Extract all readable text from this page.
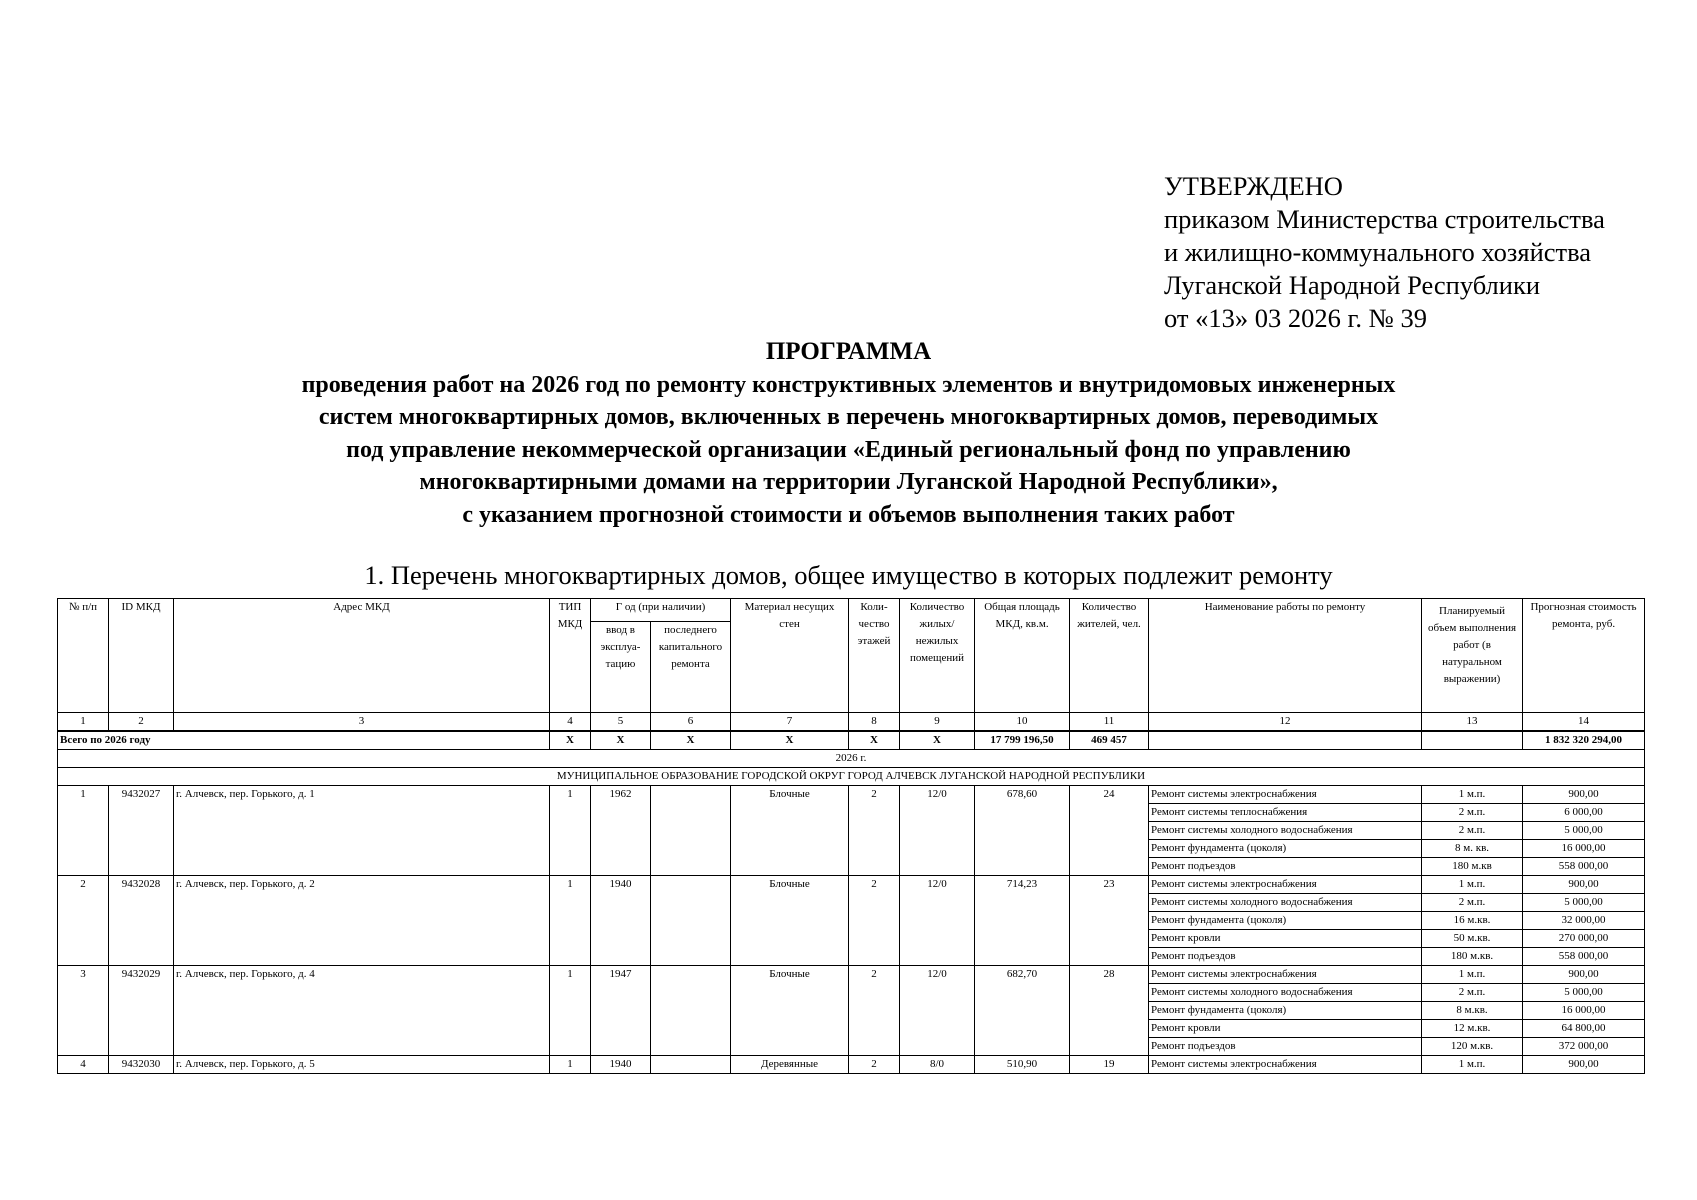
УТВЕРЖДЕНО
приказом Министерства строительства
и жилищно-коммунального хозяйства
Луганской Народной Республики
от «13» 03 2026 г. № 39
ПРОГРАММА
проведения работ на 2026 год по ремонту конструктивных элементов и внутридомовых инженерных
систем многоквартирных домов, включенных в перечень многоквартирных домов, переводимых
под управление некоммерческой организации «Единый региональный фонд по управлению
многоквартирными домами на территории Луганской Народной Республики»,
с указанием прогнозной стоимости и объемов выполнения таких работ
1. Перечень многоквартирных домов, общее имущество в которых подлежит ремонту
№ п/п	ID МКД	Адрес МКД	ТИП МКД	Г од (при наличии)		Материал несущих стен	Коли-чество этажей	Количество жилых/ нежилых помещений	Общая площадь МКД, кв.м.	Количество жителей, чел.	Наименование работы по ремонту	Планируемый объем выполнения работ (в натуральном выражении)	Прогнозная стоимость ремонта, руб.
				ввод в эксплуа-тацию	последнего капитального ремонта								
1	2	3	4	5	6	7	8	9	10	11	12	13	14
Всего по 2026 году			X	X	X	X	X	X	17 799 196,50	469 457			1 832 320 294,00
2026 г.													
МУНИЦИПАЛЬНОЕ ОБРАЗОВАНИЕ ГОРОДСКОЙ ОКРУГ ГОРОД АЛЧЕВСК ЛУГАНСКОЙ НАРОДНОЙ РЕСПУБЛИКИ													
1	9432027	г. Алчевск, пер. Горького, д. 1	1	1962		Блочные	2	12/0	678,60	24	Ремонт системы электроснабжения	1 м.п.	900,00
											Ремонт системы теплоснабжения	2 м.п.	6 000,00
											Ремонт системы холодного водоснабжения	2 м.п.	5 000,00
											Ремонт фундамента (цоколя)	8 м. кв.	16 000,00
											Ремонт подъездов	180 м.кв	558 000,00
2	9432028	г. Алчевск, пер. Горького, д. 2	1	1940		Блочные	2	12/0	714,23	23	Ремонт системы электроснабжения	1 м.п.	900,00
											Ремонт системы холодного водоснабжения	2 м.п.	5 000,00
											Ремонт фундамента (цоколя)	16 м.кв.	32 000,00
											Ремонт кровли	50 м.кв.	270 000,00
											Ремонт подъездов	180 м.кв.	558 000,00
3	9432029	г. Алчевск, пер. Горького, д. 4	1	1947		Блочные	2	12/0	682,70	28	Ремонт системы электроснабжения	1 м.п.	900,00
											Ремонт системы холодного водоснабжения	2 м.п.	5 000,00
											Ремонт фундамента (цоколя)	8 м.кв.	16 000,00
											Ремонт кровли	12 м.кв.	64 800,00
											Ремонт подъездов	120 м.кв.	372 000,00
4	9432030	г. Алчевск, пер. Горького, д. 5	1	1940		Деревянные	2	8/0	510,90	19	Ремонт системы электроснабжения	1 м.п.	900,00
